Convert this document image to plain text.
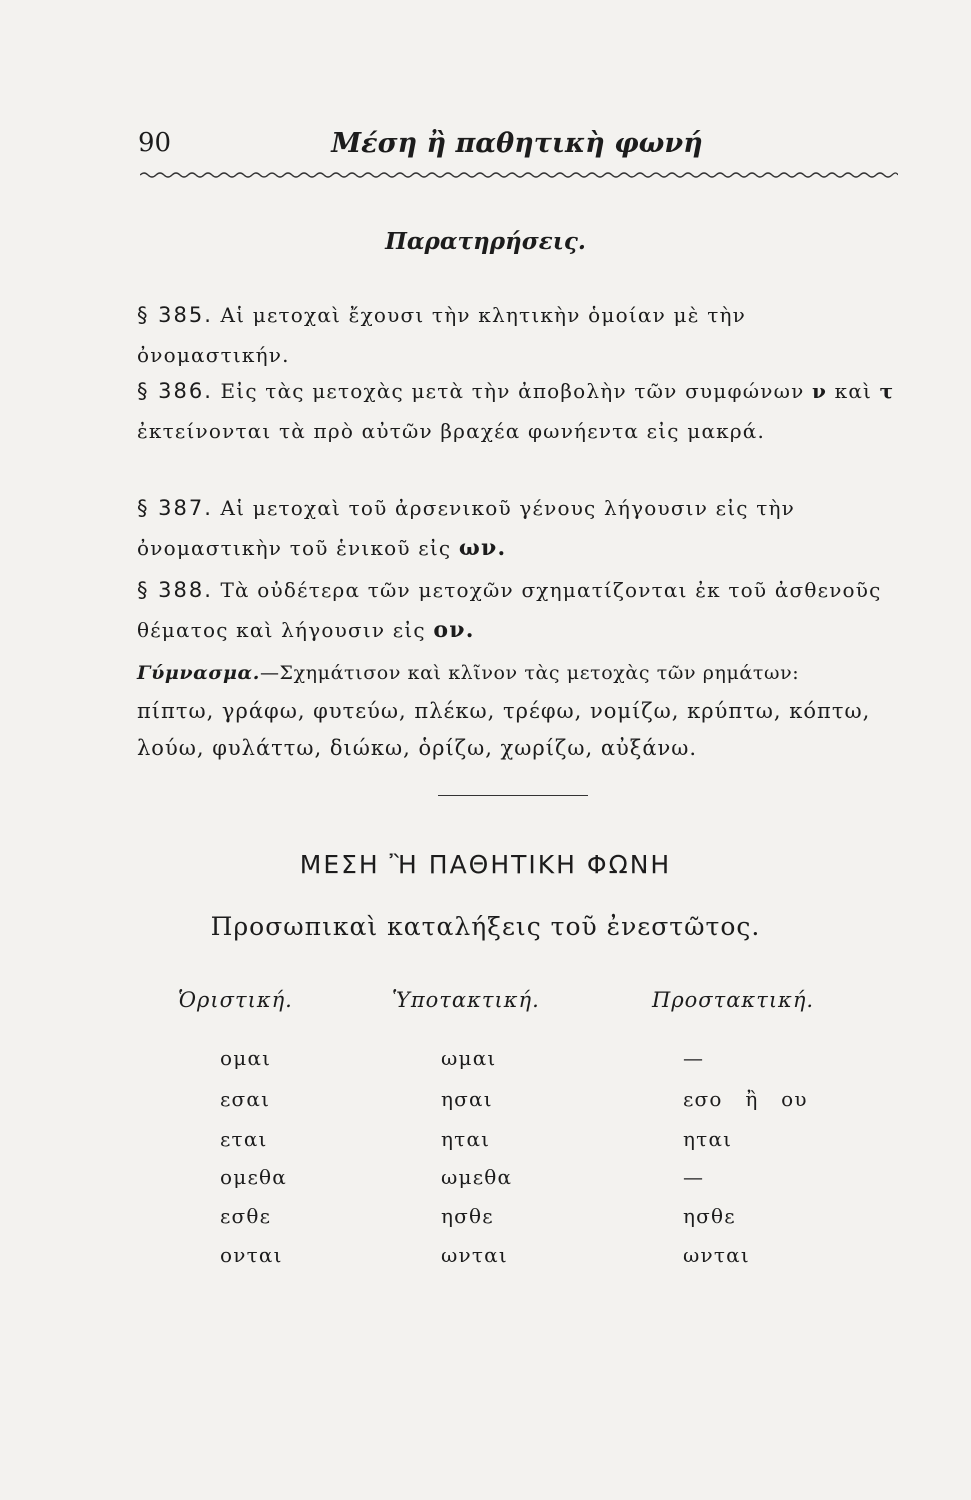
90	Μέση ἢ παθητικὴ φωνή
Παρατηρήσεις.
§ 385. Αἱ μετοχαὶ ἔχουσι τὴν κλητικὴν ὁμοίαν μὲ τὴν ὀνομαστικήν.
§ 386. Εἰς τὰς μετοχὰς μετὰ τὴν ἀποβολὴν τῶν συμφώνων ν καὶ τ ἐκτείνονται τὰ πρὸ αὐτῶν βραχέα φωνήεντα εἰς μακρά.
§ 387. Αἱ μετοχαὶ τοῦ ἀρσενικοῦ γένους λήγουσιν εἰς τὴν ὀνομαστικὴν τοῦ ἑνικοῦ εἰς ων.
§ 388. Τὰ οὐδέτερα τῶν μετοχῶν σχηματίζονται ἐκ τοῦ ἀσθενοῦς θέματος καὶ λήγουσιν εἰς ον.
Γύμνασμα.—Σχημάτισον καὶ κλῖνον τὰς μετοχὰς τῶν ρημάτων:
πίπτω, γράφω, φυτεύω, πλέκω, τρέφω, νομίζω, κρύπτω, κόπτω, λούω, φυλάττω, διώκω, ὁρίζω, χωρίζω, αὐξάνω.
ΜΕΣΗ Ἢ ΠΑΘΗΤΙΚΗ ΦΩΝΗ
Προσωπικαὶ καταλήξεις τοῦ ἐνεστῶτος.
Ὁριστική.	Ὑποτακτική.	Προστακτική.
ομαι	ωμαι	—
εσαι	ησαι	εσο   ἢ   ου
εται	ηται	ηται
ομεθα	ωμεθα	—
εσθε	ησθε	ησθε
ονται	ωνται	ωνται
